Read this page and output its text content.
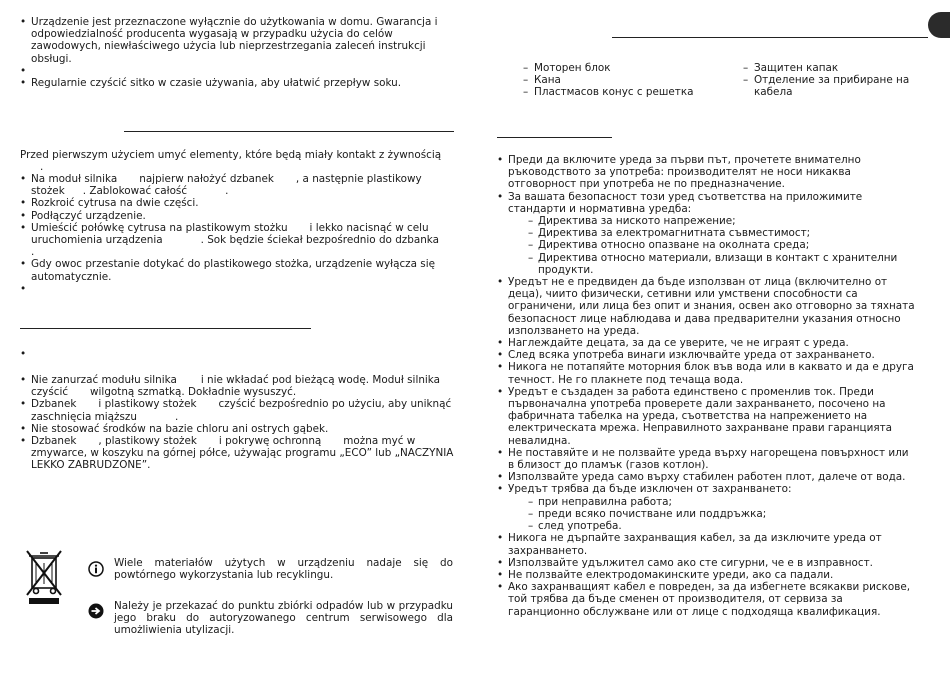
• Urządzenie jest przeznaczone wyłącznie do użytkowania w domu. Gwarancja i odpowiedzialność producenta wygasają w przypadku użycia do celów zawodowych, niewłaściwego użycia lub nieprzestrzegania zaleceń instrukcji obsługi.
•
• Regularnie czyścić sitko w czasie używania, aby ułatwić przepływ soku.

Przed pierwszym użyciem umyć elementy, które będą miały kontakt z żywnością

.

• Na moduł silnika najpierw nałożyć dzbanek , a następnie plastikowy
stożek . Zablokować całość	.
• Rozkroić cytrusa na dwie części.
• Podłączyć urządzenie.
• Umieścić połówkę cytrusa na plastikowym stożku i lekko nacisnąć w celu
uruchomienia urządzenia	. Sok będzie ściekał bezpośrednio do dzbanka
.
• Gdy owoc przestanie dotykać do plastikowego stożka, urządzenie wyłącza się automatycznie.
•
•
• Nie zanurzać modułu silnika i nie wkładać pod bieżącą wodę. Moduł silnika
czyścić wilgotną szmatką. Dokładnie wysuszyć.
• Dzbanek i plastikowy stożek czyścić bezpośrednio po użyciu, aby uniknąć
zaschnięcia miąższu	.
• Nie stosować środków na bazie chloru ani ostrych gąbek.
• Dzbanek , plastikowy stożek i pokrywę ochronną można myć w zmywarce, w koszyku na górnej półce, używając programu „ECO” lub „NACZYNIA LEKKO ZABRUDZONE”.

Wiele materiałów użytych w urządzeniu nadaje się do powtórnego wykorzystania lub recyklingu.

Należy je przekazać do punktu zbiórki odpadów lub w przypadku jego braku do autoryzowanego centrum serwisowego dla umożliwienia utylizacji.

– Моторен блок
– Кана
– Пластмасов конус с решетка
– Защитен капак
– Отделение за прибиране на кабела
• Преди да включите уреда за първи път, прочетете внимателно ръководството за употреба: производителят не носи никаква отговорност при употреба не по предназначение.
• За вашата безопасност този уред съответства на приложимите стандарти и нормативна уредба:
– Директива за ниското напрежение;
– Директива за електромагнитната съвместимост;
– Директива относно опазване на околната среда;
– Директива относно материали, влизащи в контакт с хранителни продукти.
• Уредът не е предвиден да бъде използван от лица (включително от деца), чиито физически, сетивни или умствени способности са ограничени, или лица без опит и знания, освен ако отговорно за тяхната безопасност лице наблюдава и дава предварителни указания относно използването на уреда.
• Наглеждайте децата, за да се уверите, че не играят с уреда.
• След всяка употреба винаги изключвайте уреда от захранването.
• Никога не потапяйте моторния блок във вода или в каквато и да е друга течност. Не го плакнете под течаща вода.
• Уредът е създаден за работа единствено с променлив ток. Преди първоначална употреба проверете дали захранването, посочено на фабричната табелка на уреда, съответства на напрежението на електрическата мрежа. Неправилното захранване прави гаранцията невалидна.
• Не поставяйте и не ползвайте уреда върху нагорещена повърхност или в близост до пламък (газов котлон).
• Използвайте уреда само върху стабилен работен плот, далече от вода.
• Уредът трябва да бъде изключен от захранването:
– при неправилна работа;
– преди всяко почистване или поддръжка;
– след употреба.
• Никога не дърпайте захранващия кабел, за да изключите уреда от захранването.
• Използвайте удължител само ако сте сигурни, че е в изправност.
• Не ползвайте електродомакинските уреди, ако са падали.
• Ако захранващият кабел е повреден, за да избегнете всякакви рискове, той трябва да бъде сменен от производителя, от сервиза за гаранционно обслужване или от лице с подходяща квалификация.
